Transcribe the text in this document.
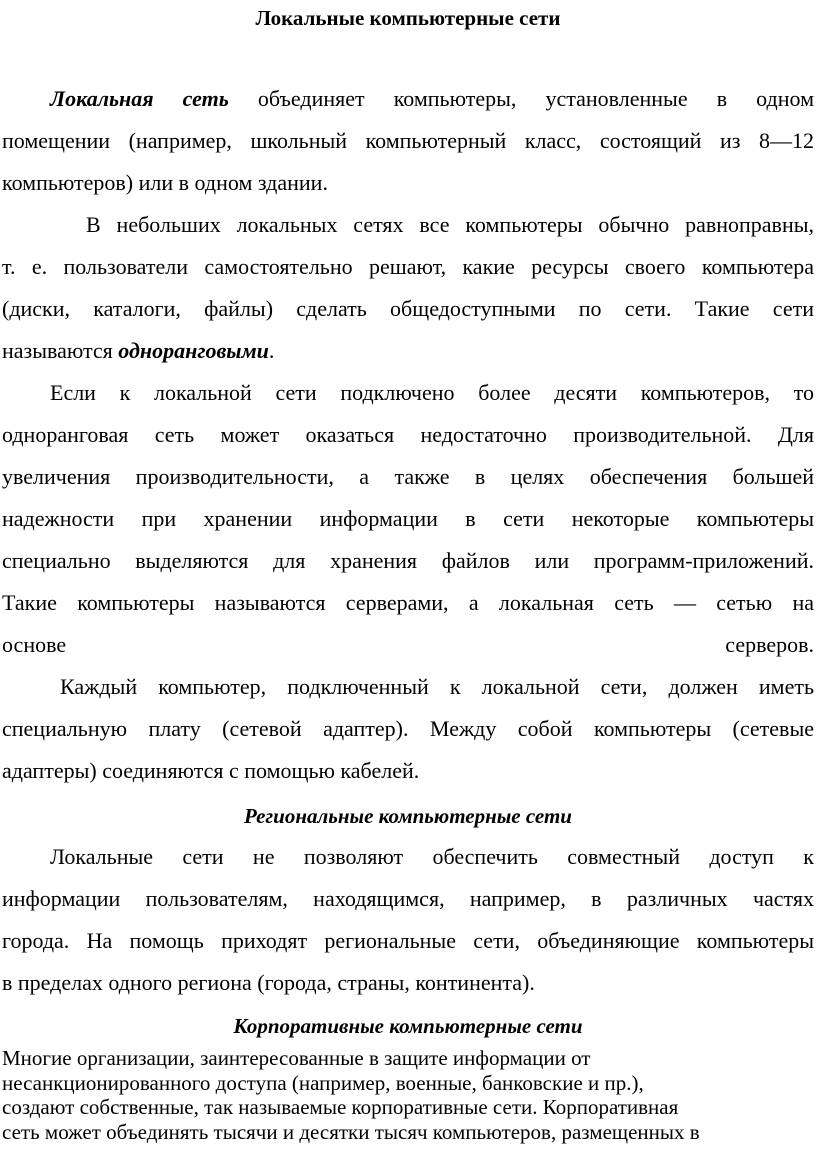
Локальные компьютерные сети
Локальная сеть объединяет компьютеры, установленные в одном
помещении (например, школьный компьютерный класс, состоящий из 8—12
компьютеров) или в одном здании.
В небольших локальных сетях все компьютеры обычно равноправны,
т. е. пользователи самостоятельно решают, какие ресурсы своего компьютера
(диски, каталоги, файлы) сделать общедоступными по сети. Такие сети
называются одноранговыми.
Если к локальной сети подключено более десяти компьютеров, то
одноранговая сеть может оказаться недостаточно производительной. Для
увеличения производительности, а также в целях обеспечения большей
надежности при хранении информации в сети некоторые компьютеры
специально выделяются для хранения файлов или программ-приложений.
Такие компьютеры называются серверами, а локальная сеть — сетью на
основе серверов.
Каждый компьютер, подключенный к локальной сети, должен иметь
специальную плату (сетевой адаптер). Между собой компьютеры (сетевые
адаптеры) соединяются с помощью кабелей.
Региональные компьютерные сети
Локальные сети не позволяют обеспечить совместный доступ к
информации пользователям, находящимся, например, в различных частях
города. На помощь приходят региональные сети, объединяющие компьютеры
в пределах одного региона (города, страны, континента).
Корпоративные компьютерные сети
Многие организации, заинтересованные в защите информации от
несанкционированного доступа (например, военные, банковские и пр.),
создают собственные, так называемые корпоративные сети. Корпоративная
сеть может объединять тысячи и десятки тысяч компьютеров, размещенных в
